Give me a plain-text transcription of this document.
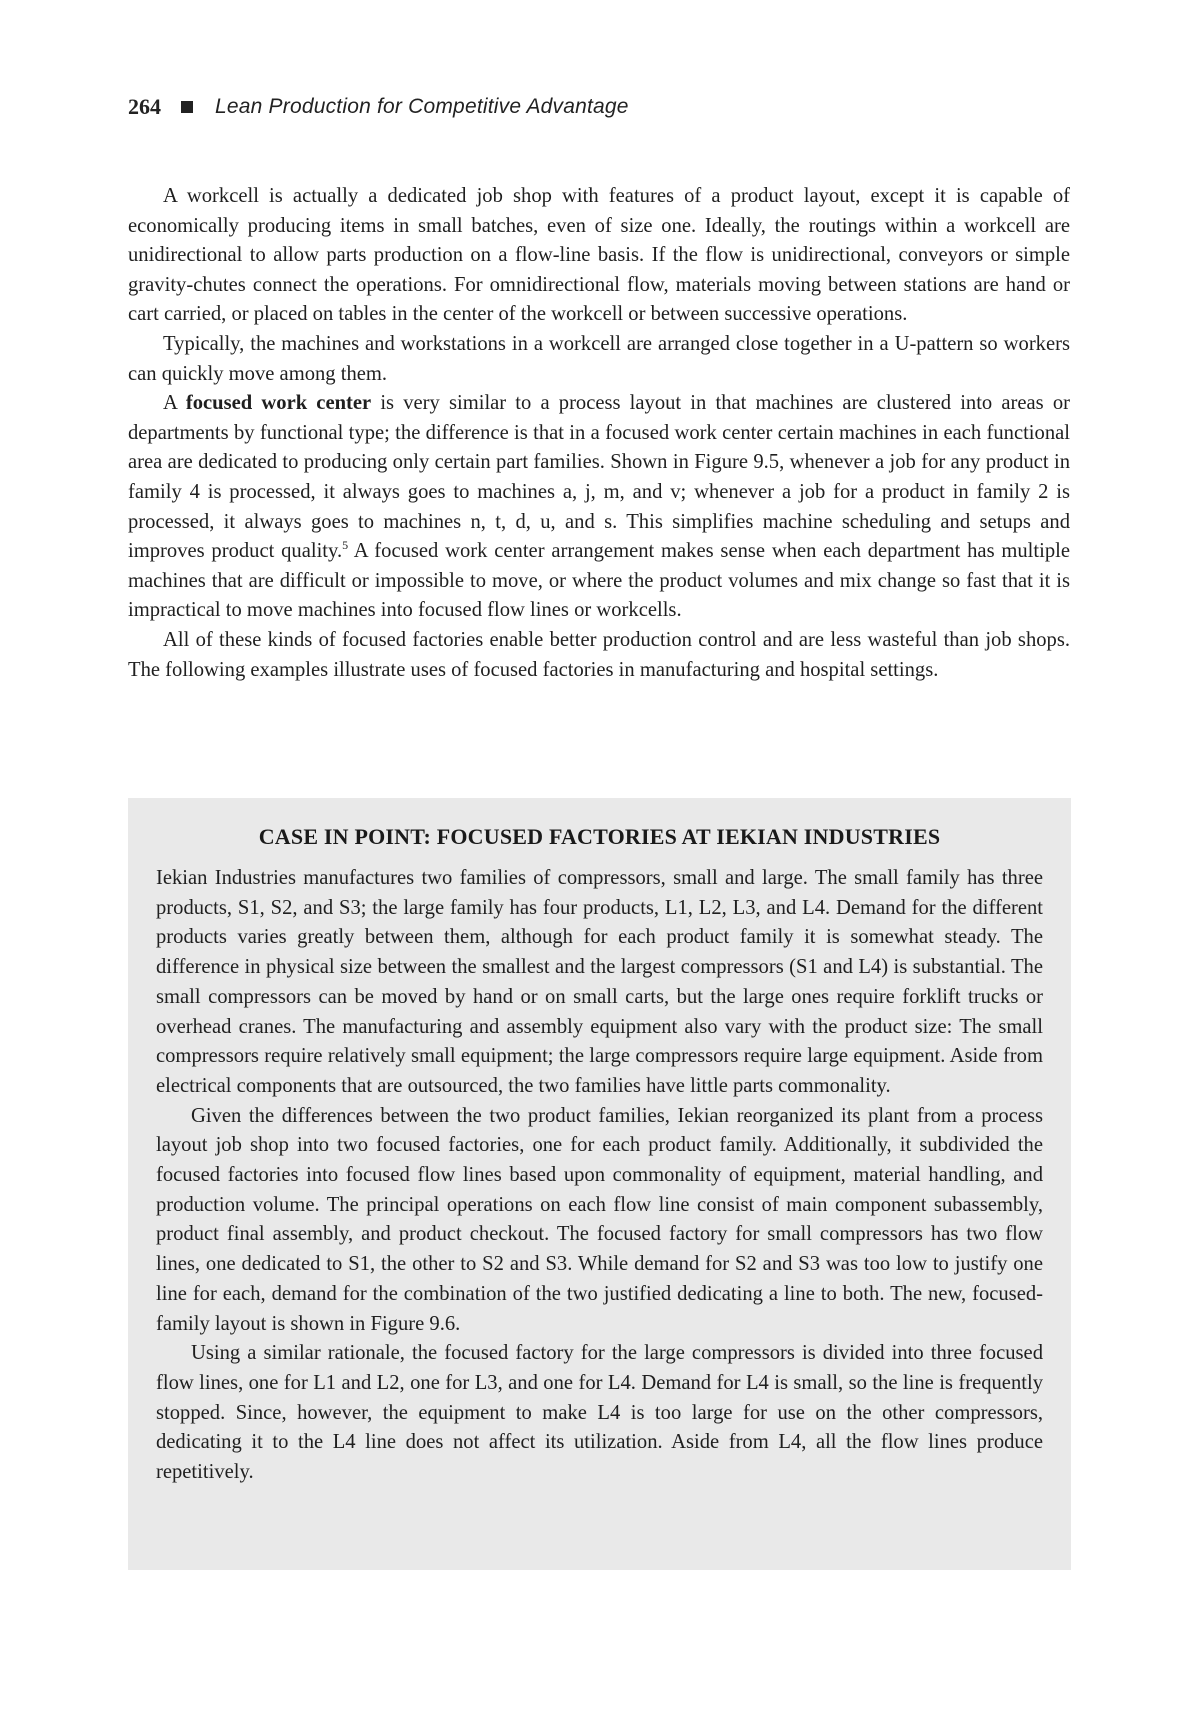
264	Lean Production for Competitive Advantage

A workcell is actually a dedicated job shop with features of a product layout, except it is capable of economically producing items in small batches, even of size one. Ideally, the routings within a workcell are unidirectional to allow parts production on a flow-line basis. If the flow is unidirectional, conveyors or simple gravity-chutes connect the operations. For omnidirectional flow, materials moving between stations are hand or cart carried, or placed on tables in the center of the workcell or between successive operations.

Typically, the machines and workstations in a workcell are arranged close together in a U-pattern so workers can quickly move among them.

A focused work center is very similar to a process layout in that machines are clustered into areas or departments by functional type; the difference is that in a focused work center certain machines in each functional area are dedicated to producing only certain part families. Shown in Figure 9.5, whenever a job for any product in family 4 is processed, it always goes to machines a, j, m, and v; whenever a job for a product in family 2 is processed, it always goes to machines n, t, d, u, and s. This simplifies machine scheduling and setups and improves product quality.$^5$ A focused work center arrangement makes sense when each department has multiple machines that are difficult or impossible to move, or where the product volumes and mix change so fast that it is impractical to move machines into focused flow lines or workcells.

All of these kinds of focused factories enable better production control and are less wasteful than job shops. The following examples illustrate uses of focused factories in manufacturing and hospital settings.

CASE IN POINT: FOCUSED FACTORIES AT IEKIAN INDUSTRIES

Iekian Industries manufactures two families of compressors, small and large. The small family has three products, S1, S2, and S3; the large family has four products, L1, L2, L3, and L4. Demand for the different products varies greatly between them, although for each product family it is somewhat steady. The difference in physical size between the smallest and the largest compressors (S1 and L4) is substantial. The small compressors can be moved by hand or on small carts, but the large ones require forklift trucks or overhead cranes. The manufacturing and assembly equipment also vary with the product size: The small compressors require relatively small equipment; the large compressors require large equipment. Aside from electrical components that are outsourced, the two families have little parts commonality.

Given the differences between the two product families, Iekian reorganized its plant from a process layout job shop into two focused factories, one for each product family. Additionally, it subdivided the focused factories into focused flow lines based upon commonality of equipment, material handling, and production volume. The principal operations on each flow line consist of main component subassembly, product final assembly, and product checkout. The focused factory for small compressors has two flow lines, one dedicated to S1, the other to S2 and S3. While demand for S2 and S3 was too low to justify one line for each, demand for the combination of the two justified dedicating a line to both. The new, focused-family layout is shown in Figure 9.6.

Using a similar rationale, the focused factory for the large compressors is divided into three focused flow lines, one for L1 and L2, one for L3, and one for L4. Demand for L4 is small, so the line is frequently stopped. Since, however, the equipment to make L4 is too large for use on the other compressors, dedicating it to the L4 line does not affect its utilization. Aside from L4, all the flow lines produce repetitively.
